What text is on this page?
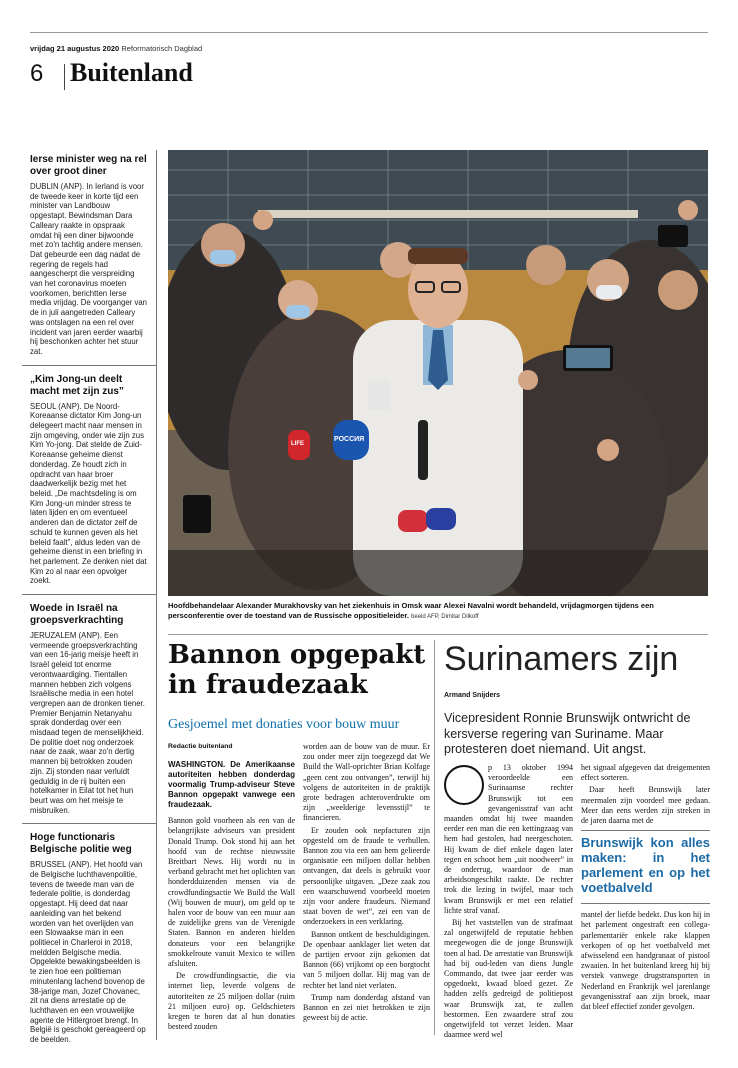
vrijdag 21 augustus 2020 Reformatorisch Dagblad
6 Buitenland
Ierse minister weg na rel over groot diner

DUBLIN (ANP). In Ierland is voor de tweede keer in korte tijd een minister van Landbouw opgestapt. Bewindsman Dara Calleary raakte in opspraak omdat hij een diner bijwoonde met zo'n tachtig andere mensen. Dat gebeurde een dag nadat de regering de regels had aangescherpt die verspreiding van het coronavirus moeten voorkomen, berichtten Ierse media vrijdag. De voorganger van de in juli aangetreden Calleary was ontslagen na een rel over incident van jaren eerder waarbij hij beschonken achter het stuur zat.

„Kim Jong-un deelt macht met zijn zus”

SEOUL (ANP). De Noord-Koreaanse dictator Kim Jong-un delegeert macht naar mensen in zijn omgeving, onder wie zijn zus Kim Yo-jong. Dat stelde de Zuid-Koreaanse geheime dienst donderdag. Ze houdt zich in opdracht van haar broer daadwerkelijk bezig met het beleid. „De machtsdeling is om Kim Jong-un minder stress te laten lijden en om eventueel anderen dan de dictator zelf de schuld te kunnen geven als het beleid faalt”, aldus leden van de geheime dienst in een briefing in het parlement. Ze denken niet dat Kim zo al naar een opvolger zoekt.

Woede in Israël na groepsverkrachting

JERUZALEM (ANP). Een vermeende groepsverkrachting van een 16-jarig meisje heeft in Israël geleid tot enorme verontwaardiging. Tientallen mannen hebben zich volgens Israëlische media in een hotel vergrepen aan de dronken tiener. Premier Benjamin Netanyahu sprak donderdag over een misdaad tegen de menselijkheid. De politie doet nog onderzoek naar de zaak, waar zo'n dertig mannen bij betrokken zouden zijn. Zij stonden naar verluidt geduldig in de rij buiten een hotelkamer in Eilat tot het hun beurt was om het meisje te misbruiken.

Hoge functionaris Belgische politie weg

BRUSSEL (ANP). Het hoofd van de Belgische luchthavenpolitie, tevens de tweede man van de federale politie, is donderdag opgestapt. Hij deed dat naar aanleiding van het bekend worden van het overlijden van een Slowaakse man in een politiecel in Charleroi in 2018, meldden Belgische media. Opgelekte bewakingsbeelden is te zien hoe een politieman minutenlang lachend bovenop de 38-jarige man, Jozef Chovanec, zit na diens arrestatie op de luchthaven en een vrouwelijke agente de Hitlergroet brengt. In België is geschokt gereageerd op de beelden.

LIFE
РОССИЯ
Hoofdbehandelaar Alexander Murakhovsky van het ziekenhuis in Omsk waar Alexei Navalni wordt behandeld, vrijdagmorgen tijdens een persconferentie over de toestand van de Russische oppositieleider. beeld AFP, Dimitar Dilkoff
Bannon opgepakt in fraudezaak
Gesjoemel met donaties voor bouw muur
Redactie buitenland
WASHINGTON. De Amerikaanse autoriteiten hebben donderdag voormalig Trump-adviseur Steve Bannon opgepakt vanwege een fraudezaak.

Bannon gold voorheen als een van de belangrijkste adviseurs van president Donald Trump. Ook stond hij aan het hoofd van de rechtse nieuwssite Breitbart News. Hij wordt nu in verband gebracht met het oplichten van honderdduizenden mensen via de crowdfundingsactie We Build the Wall (Wij bouwen de muur), om geld op te halen voor de bouw van een muur aan de zuidelijke grens van de Verenigde Staten. Bannon en anderen hielden donateurs voor een belangrijke smokkelroute vanuit Mexico te willen afsluiten.

De crowdfundingsactie, die via internet liep, leverde volgens de autoriteiten ze 25 miljoen dollar (ruim 21 miljoen euro) op. Geldschieters kregen te horen dat al hun donaties besteed zouden

worden aan de bouw van de muur. Er zou onder meer zijn toegezegd dat We Build the Wall-oprichter Brian Kolfage „geen cent zou ontvangen”, terwijl hij volgens de autoriteiten in de praktijk grote bedragen achteroverdrukte om zijn „weelderige levensstijl” te financieren.

Er zouden ook nepfacturen zijn opgesteld om de fraude te verhullen. Bannon zou via een aan hem gelieerde organisatie een miljoen dollar hebben ontvangen, dat deels is gebruikt voor persoonlijke uitgaven. „Deze zaak zou een waarschuwend voorbeeld moeten zijn voor andere fraudeurs. Niemand staat boven de wet”, zei een van de onderzoekers in een verklaring.

Bannon ontkent de beschuldigingen. De openbaar aanklager liet weten dat de partijen ervoor zijn gekomen dat Bannon (66) vrijkomt op een borgtocht van 5 miljoen dollar. Hij mag van de rechter het land niet verlaten.

Trump nam donderdag afstand van Bannon en zei niet betrokken te zijn geweest bij de actie.

Surinamers zijn
Armand Snijders
Vicepresident Ronnie Brunswijk ontwricht de kersverse regering van Suriname. Maar protesteren doet niemand. Uit angst.

p 13 oktober 1994 veroordeelde een Surinaamse rechter Brunswijk tot een gevangenisstraf van acht maanden omdat hij twee maanden eerder een man die een kettingzaag van hem had gestolen, had neergeschoten. Hij kwam de dief enkele dagen later tegen en schoot hem „uit noodweer” in de onderrug, waardoor de man arbeidsongeschikt raakte. De rechter trok die lezing in twijfel, maar toch kwam Brunswijk er met een relatief lichte straf vanaf.

Bij het vaststellen van de strafmaat zal ongetwijfeld de reputatie hebben meegewogen die de jonge Brunswijk toen al had. De arrestatie van Brunswijk had bij oud-leden van diens Jungle Commando, dat twee jaar eerder was opgedoekt, kwaad bloed gezet. Ze hadden zelfs gedreigd de politiepost waar Brunswijk zat, te zullen bestormen. Een zwaardere straf zou ongetwijfeld tot verzet leiden. Maar daarmee werd wel

het signaal afgegeven dat dreigementen effect sorteren.

Daar heeft Brunswijk later meermalen zijn voordeel mee gedaan. Meer dan eens werden zijn streken in de jaren daarna met de

Brunswijk kon alles maken: in het parlement en op het voetbalveld

mantel der liefde bedekt. Dus kon hij in het parlement ongestraft een collega-parlementariër enkele rake klappen verkopen of op het voetbalveld met afwisselend een handgranaat of pistool zwaaien. In het buitenland kreeg hij bij verstek vanwege drugstransporten in Nederland en Frankrijk wel jarenlange gevangenisstraf aan zijn broek, maar dat bleef effectief zonder gevolgen.
